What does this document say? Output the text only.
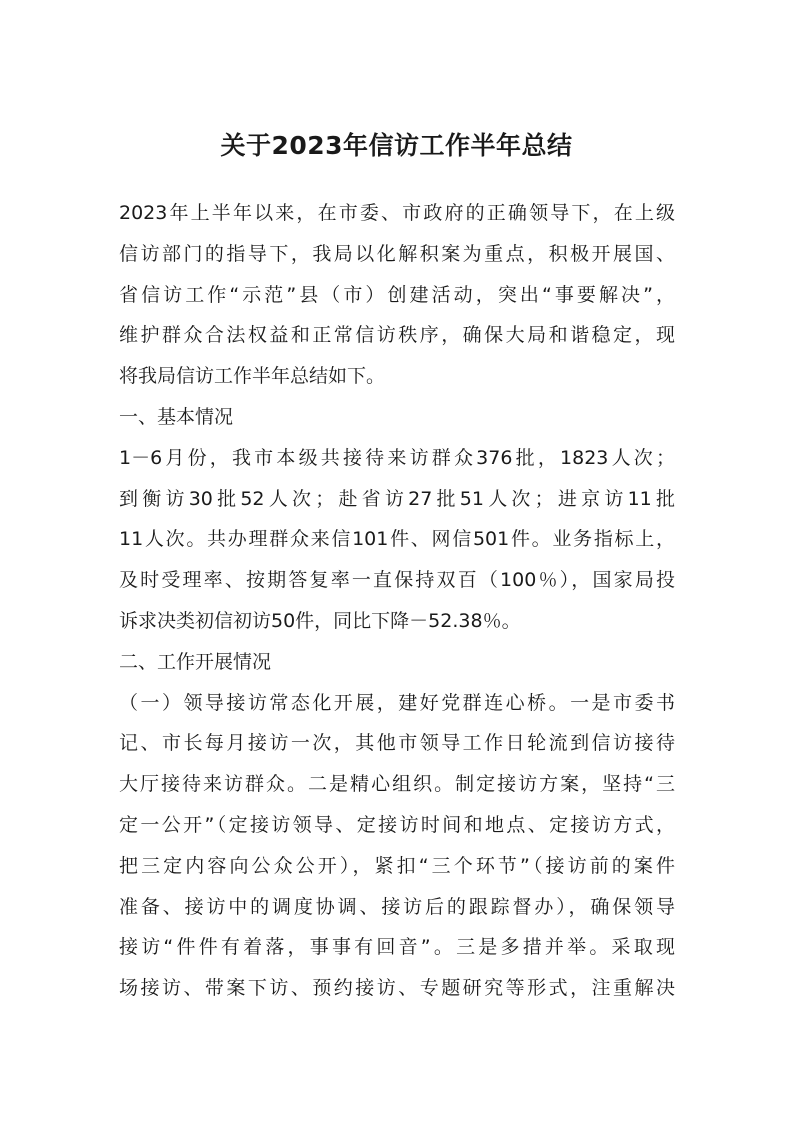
关于2023年信访工作半年总结
2023年上半年以来，在市委、市政府的正确领导下，在上级
信访部门的指导下，我局以化解积案为重点，积极开展国、
省信访工作“示范”县（市）创建活动，突出“事要解决”，
维护群众合法权益和正常信访秩序，确保大局和谐稳定，现
将我局信访工作半年总结如下。
一、基本情况
1－6月份，我市本级共接待来访群众376批，1823人次；
到衡访30批52人次；赴省访27批51人次；进京访11批
11人次。共办理群众来信101件、网信501件。业务指标上，
及时受理率、按期答复率一直保持双百（100％），国家局投
诉求决类初信初访50件，同比下降－52.38％。
二、工作开展情况
（一）领导接访常态化开展，建好党群连心桥。一是市委书
记、市长每月接访一次，其他市领导工作日轮流到信访接待
大厅接待来访群众。二是精心组织。制定接访方案，坚持“三
定一公开”（定接访领导、定接访时间和地点、定接访方式，
把三定内容向公众公开），紧扣“三个环节”（接访前的案件
准备、接访中的调度协调、接访后的跟踪督办），确保领导
接访“件件有着落，事事有回音”。三是多措并举。采取现
场接访、带案下访、预约接访、专题研究等形式，注重解决
